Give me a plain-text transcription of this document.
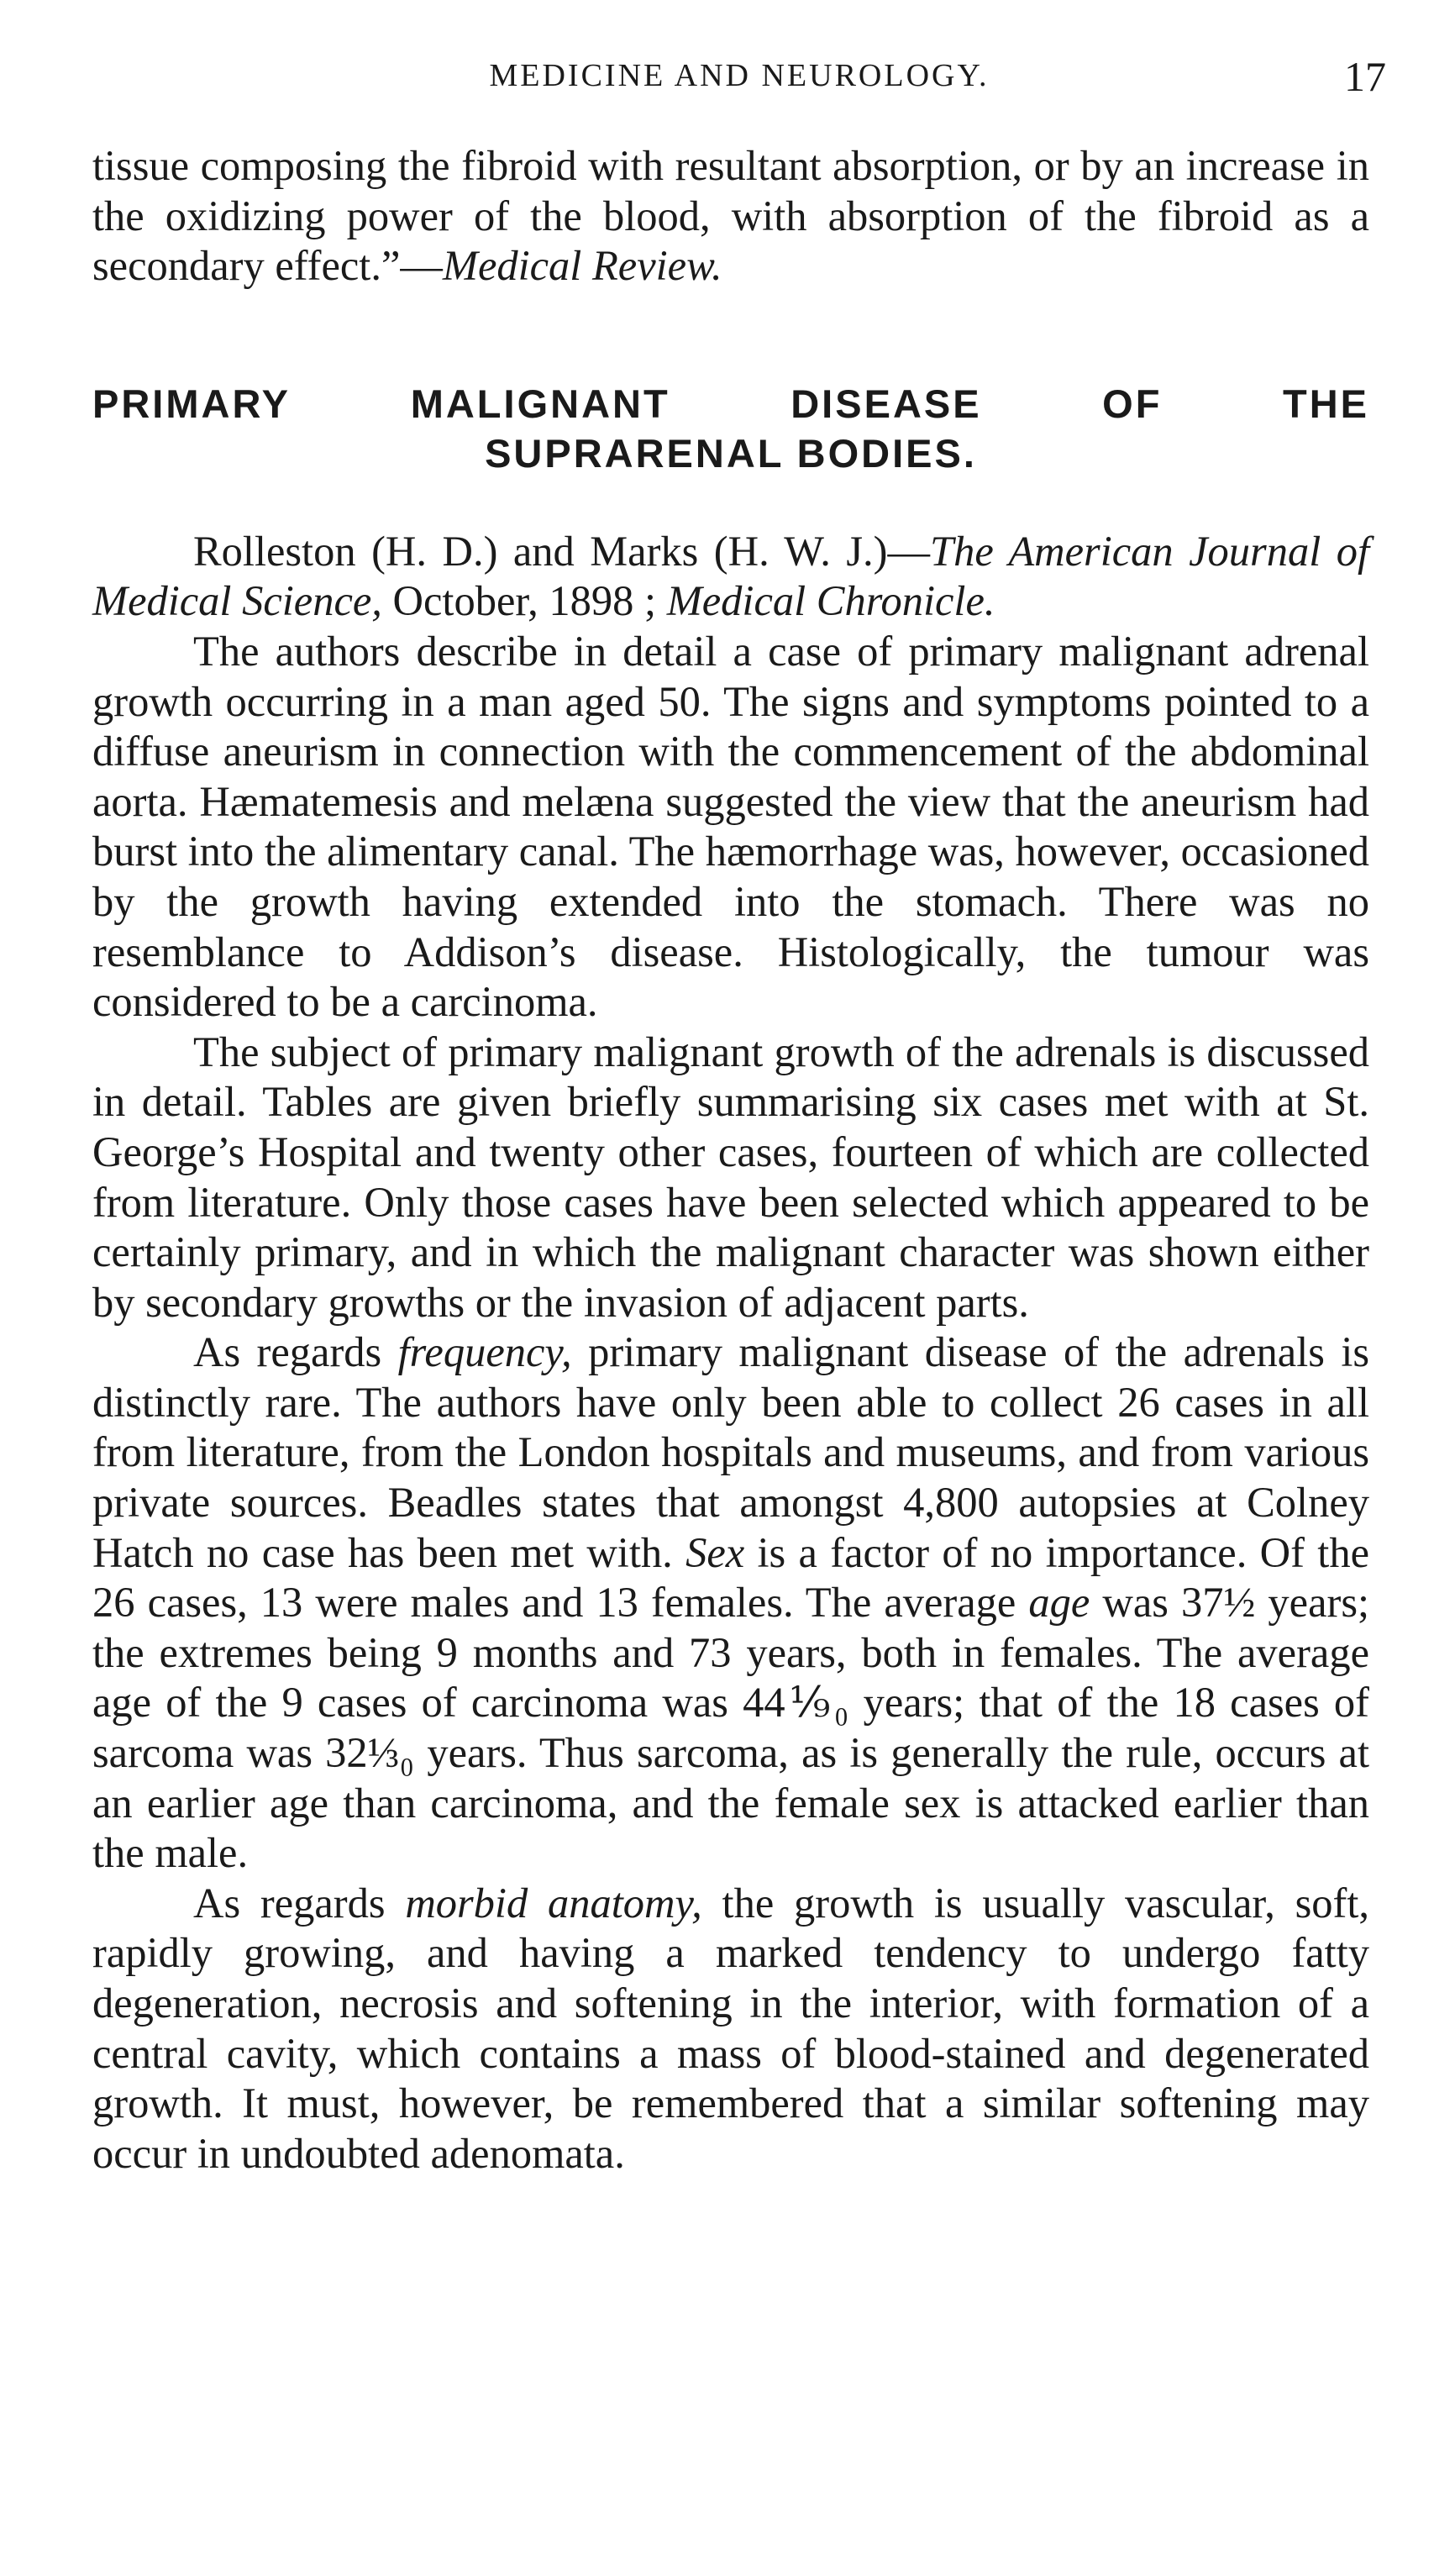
MEDICINE AND NEUROLOGY.	17

tissue composing the fibroid with resultant absorption, or by an increase in the oxidizing power of the blood, with absorption of the fibroid as a secondary effect.”—Medical Review.

PRIMARY MALIGNANT DISEASE OF THE
SUPRARENAL BODIES.

Rolleston (H. D.) and Marks (H. W. J.)—The American Journal of Medical Science, October, 1898 ; Medical Chronicle.

The authors describe in detail a case of primary malignant adrenal growth occurring in a man aged 50. The signs and symptoms pointed to a diffuse aneurism in connection with the commencement of the abdominal aorta. Hæmatemesis and melæna suggested the view that the aneurism had burst into the alimentary canal. The hæmorrhage was, however, occasioned by the growth having extended into the stomach. There was no resemblance to Addison’s disease. Histologically, the tumour was considered to be a carcinoma.

The subject of primary malignant growth of the adrenals is discussed in detail. Tables are given briefly summarising six cases met with at St. George’s Hospital and twenty other cases, fourteen of which are collected from literature. Only those cases have been selected which appeared to be certainly primary, and in which the malignant character was shown either by secondary growths or the invasion of adjacent parts.

As regards frequency, primary malignant disease of the adrenals is distinctly rare. The authors have only been able to collect 26 cases in all from literature, from the London hospitals and museums, and from various private sources. Beadles states that amongst 4,800 autopsies at Colney Hatch no case has been met with. Sex is a factor of no importance. Of the 26 cases, 13 were males and 13 females. The average age was 37½ years; the extremes being 9 months and 73 years, both in females. The average age of the 9 cases of carcinoma was 44⅑₀ years; that of the 18 cases of sarcoma was 32⅓₀ years. Thus sarcoma, as is generally the rule, occurs at an earlier age than carcinoma, and the female sex is attacked earlier than the male.

As regards morbid anatomy, the growth is usually vascular, soft, rapidly growing, and having a marked tendency to undergo fatty degeneration, necrosis and softening in the interior, with formation of a central cavity, which contains a mass of blood-stained and degenerated growth. It must, however, be remembered that a similar softening may occur in undoubted adenomata.
